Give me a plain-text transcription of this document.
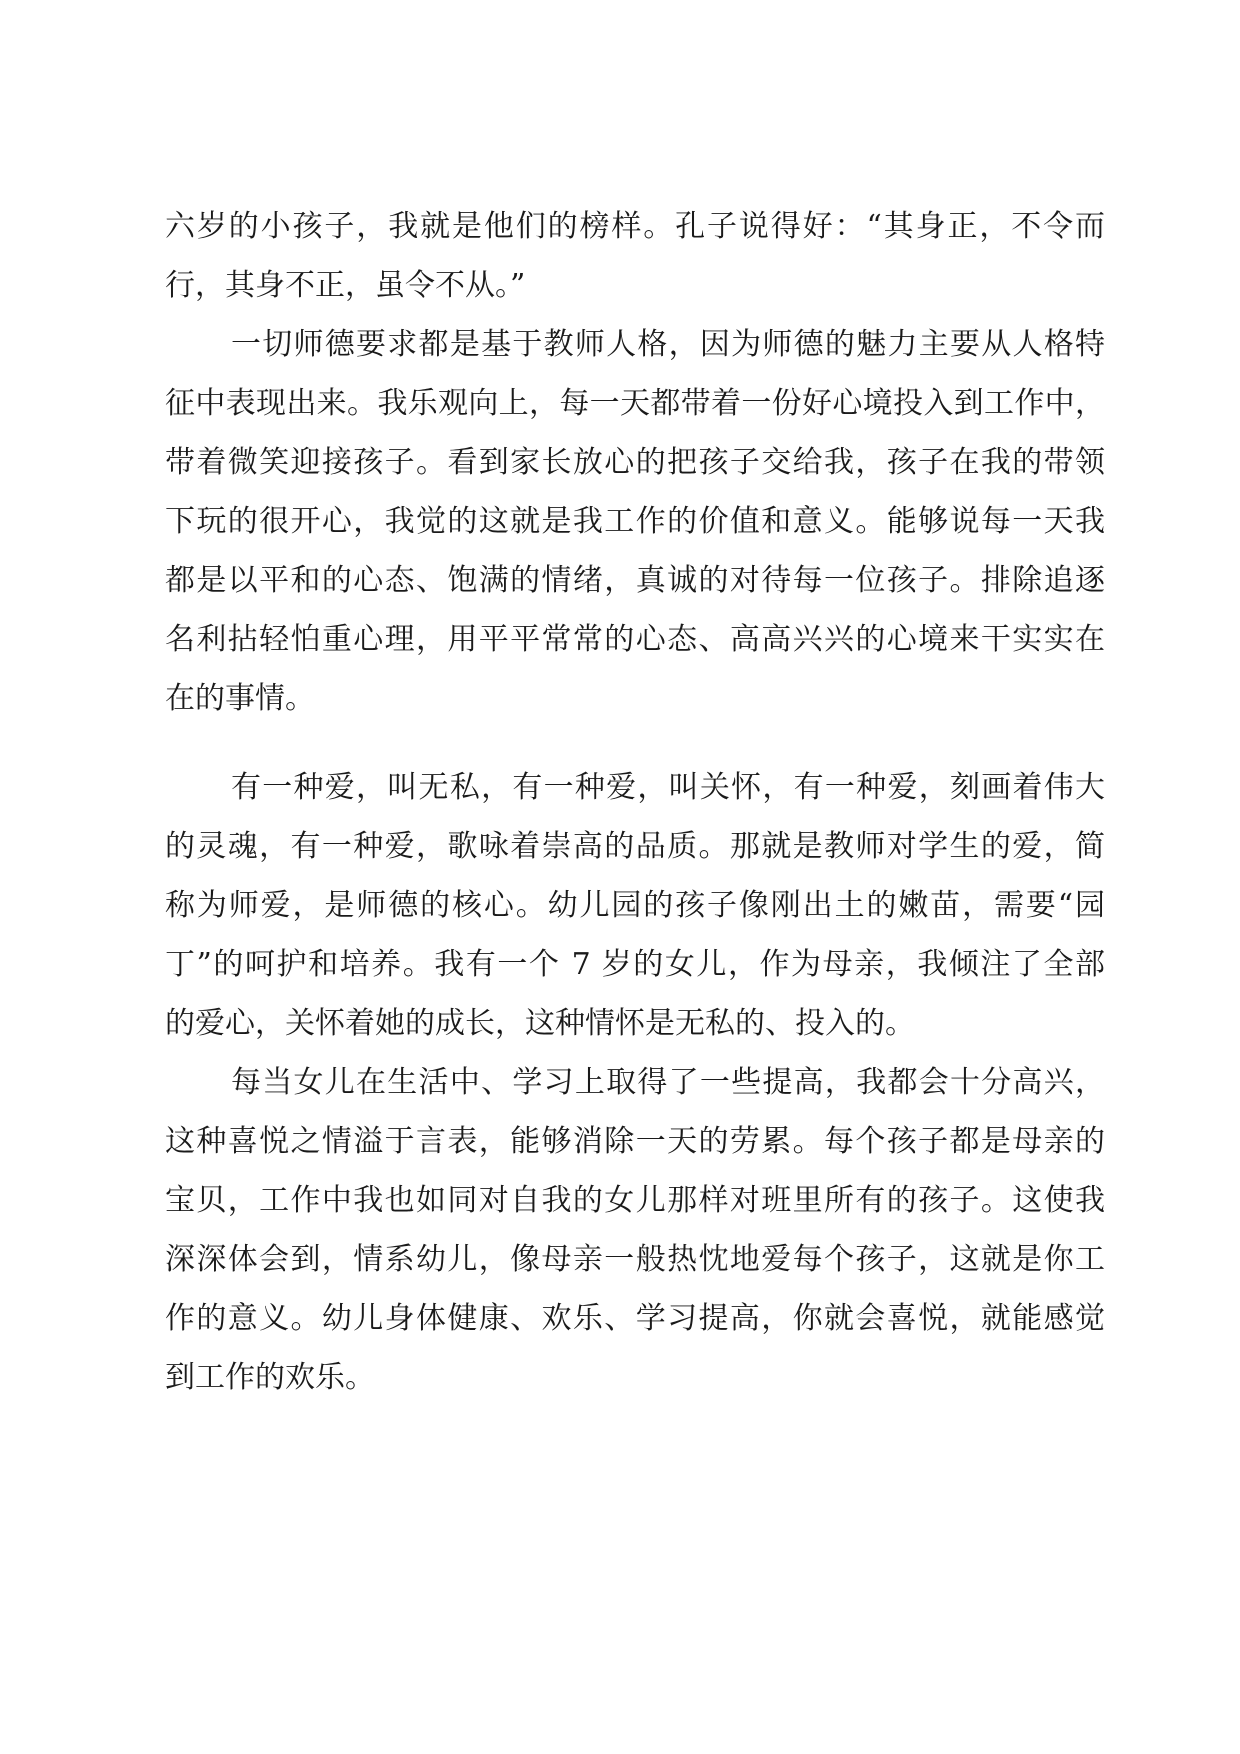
六岁的小孩子，我就是他们的榜样。孔子说得好：“其身正，不令而
行，其身不正，虽令不从。”
一切师德要求都是基于教师人格，因为师德的魅力主要从人格特
征中表现出来。我乐观向上，每一天都带着一份好心境投入到工作中，
带着微笑迎接孩子。看到家长放心的把孩子交给我，孩子在我的带领
下玩的很开心，我觉的这就是我工作的价值和意义。能够说每一天我
都是以平和的心态、饱满的情绪，真诚的对待每一位孩子。排除追逐
名利拈轻怕重心理，用平平常常的心态、高高兴兴的心境来干实实在
在的事情。
有一种爱，叫无私，有一种爱，叫关怀，有一种爱，刻画着伟大
的灵魂，有一种爱，歌咏着崇高的品质。那就是教师对学生的爱，简
称为师爱，是师德的核心。幼儿园的孩子像刚出土的嫩苗，需要“园
丁”的呵护和培养。我有一个 7 岁的女儿，作为母亲，我倾注了全部
的爱心，关怀着她的成长，这种情怀是无私的、投入的。
每当女儿在生活中、学习上取得了一些提高，我都会十分高兴，
这种喜悦之情溢于言表，能够消除一天的劳累。每个孩子都是母亲的
宝贝，工作中我也如同对自我的女儿那样对班里所有的孩子。这使我
深深体会到，情系幼儿，像母亲一般热忱地爱每个孩子，这就是你工
作的意义。幼儿身体健康、欢乐、学习提高，你就会喜悦，就能感觉
到工作的欢乐。
